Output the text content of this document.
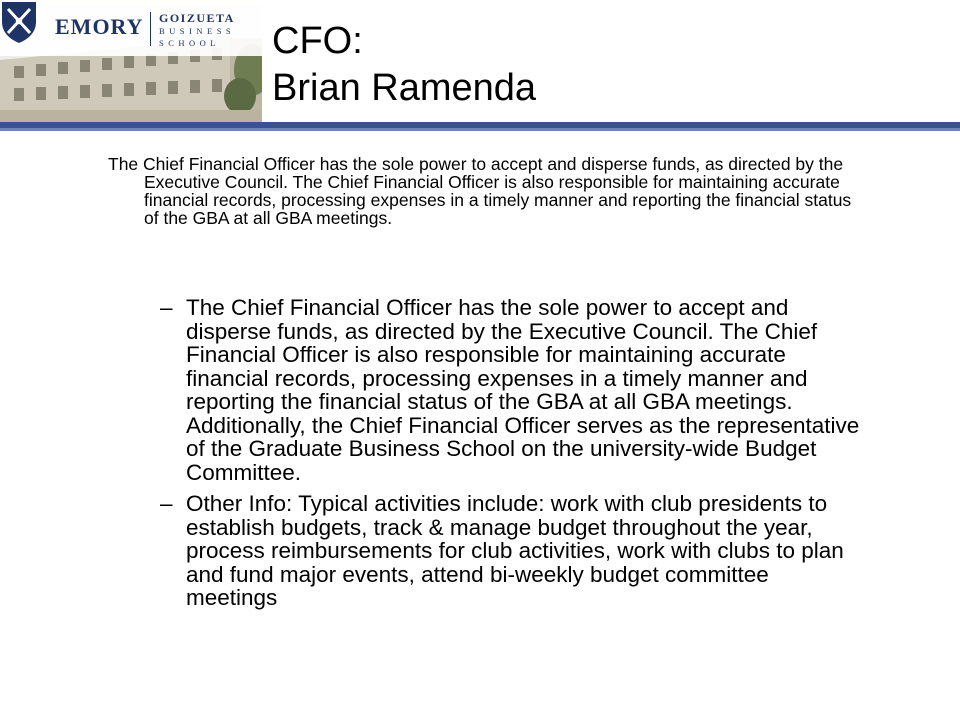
EMORY GOIZUETA
BUSINESS
SCHOOL	CFO:
Brian Ramenda

The Chief Financial Officer has the sole power to accept and disperse funds, as directed by the Executive Council. The Chief Financial Officer is also responsible for maintaining accurate financial records, processing expenses in a timely manner and reporting the financial status of the GBA at all GBA meetings.

– The Chief Financial Officer has the sole power to accept and disperse funds, as directed by the Executive Council. The Chief Financial Officer is also responsible for maintaining accurate financial records, processing expenses in a timely manner and reporting the financial status of the GBA at all GBA meetings. Additionally, the Chief Financial Officer serves as the representative of the Graduate Business School on the university-wide Budget Committee.
– Other Info: Typical activities include: work with club presidents to establish budgets, track & manage budget throughout the year, process reimbursements for club activities, work with clubs to plan and fund major events, attend bi-weekly budget committee meetings
